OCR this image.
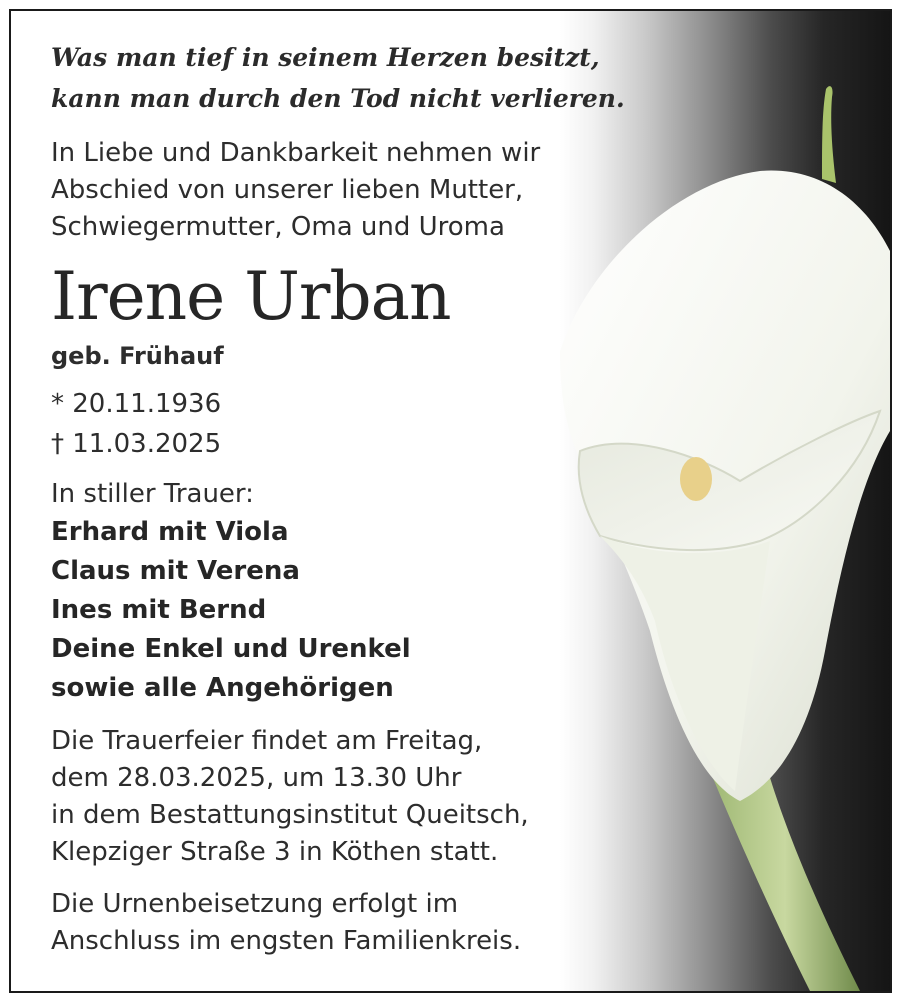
Was man tief in seinem Herzen besitzt,
kann man durch den Tod nicht verlieren.

In Liebe und Dankbarkeit nehmen wir
Abschied von unserer lieben Mutter,
Schwiegermutter, Oma und Uroma

Irene Urban
geb. Frühauf
* 20.11.1936
† 11.03.2025

In stiller Trauer:

Erhard mit Viola
Claus mit Verena
Ines mit Bernd
Deine Enkel und Urenkel
sowie alle Angehörigen

Die Trauerfeier findet am Freitag,
dem 28.03.2025, um 13.30 Uhr
in dem Bestattungsinstitut Queitsch,
Klepziger Straße 3 in Köthen statt.

Die Urnenbeisetzung erfolgt im
Anschluss im engsten Familienkreis.
